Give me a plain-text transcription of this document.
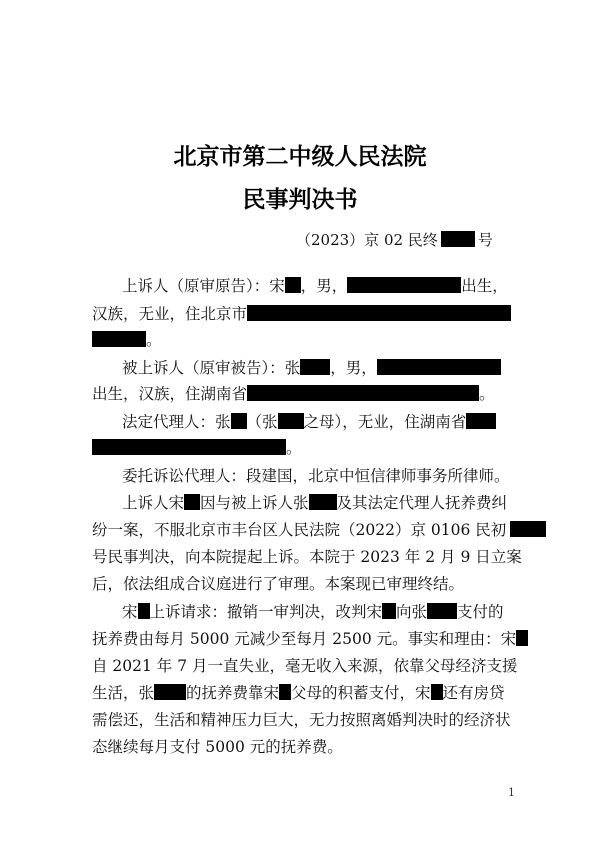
北京市第二中级人民法院
民事判决书
（2023）京 02 民终	号
上诉人（原审原告）：宋 ，男，	出生，
汉族，无业，住北京市
。
被上诉人（原审被告）：张 ，男，
出生，汉族，住湖南省	。
法定代理人：张 （张 之母），无业，住湖南省
。
委托诉讼代理人：段建国，北京中恒信律师事务所律师。
上诉人宋 因与被上诉人张 及其法定代理人抚养费纠
纷一案，不服北京市丰台区人民法院（2022）京 0106 民初
号民事判决，向本院提起上诉。本院于 2023 年 2 月 9 日立案
后，依法组成合议庭进行了审理。本案现已审理终结。
宋 上诉请求：撤销一审判决，改判宋 向张 支付的
抚养费由每月 5000 元减少至每月 2500 元。事实和理由：宋
自 2021 年 7 月一直失业，毫无收入来源，依靠父母经济支援
生活，张 的抚养费靠宋 父母的积蓄支付，宋 还有房贷
需偿还，生活和精神压力巨大，无力按照离婚判决时的经济状
态继续每月支付 5000 元的抚养费。
1
